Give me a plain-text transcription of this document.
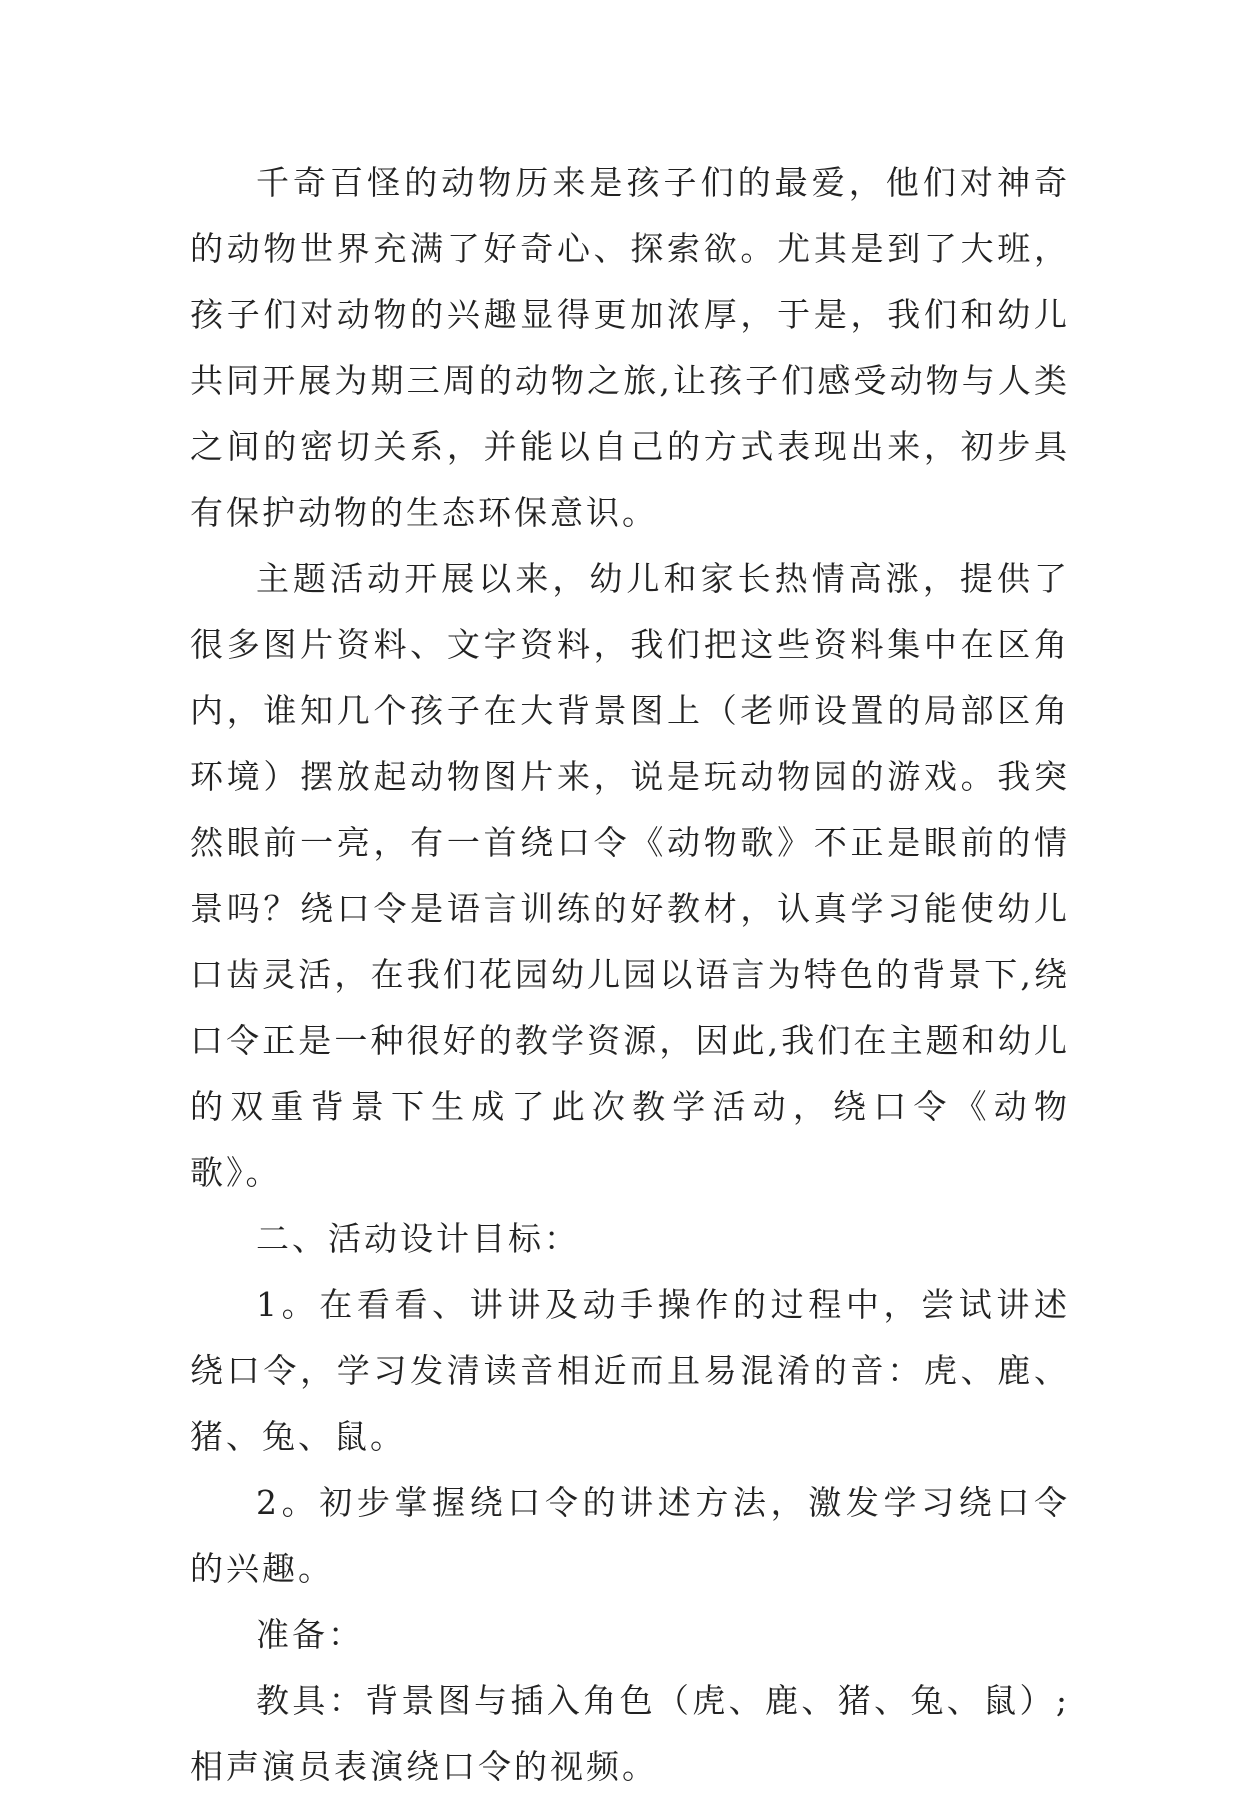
千奇百怪的动物历来是孩子们的最爱，他们对神奇的动物世界充满了好奇心、探索欲。尤其是到了大班，孩子们对动物的兴趣显得更加浓厚，于是，我们和幼儿共同开展为期三周的动物之旅,让孩子们感受动物与人类之间的密切关系，并能以自己的方式表现出来，初步具有保护动物的生态环保意识。

主题活动开展以来，幼儿和家长热情高涨，提供了很多图片资料、文字资料，我们把这些资料集中在区角内，谁知几个孩子在大背景图上（老师设置的局部区角环境）摆放起动物图片来，说是玩动物园的游戏。我突然眼前一亮，有一首绕口令《动物歌》不正是眼前的情景吗？绕口令是语言训练的好教材，认真学习能使幼儿口齿灵活，在我们花园幼儿园以语言为特色的背景下,绕口令正是一种很好的教学资源，因此,我们在主题和幼儿的双重背景下生成了此次教学活动，绕口令《动物歌》。

二、活动设计目标：

1。在看看、讲讲及动手操作的过程中，尝试讲述绕口令，学习发清读音相近而且易混淆的音：虎、鹿、猪、兔、鼠。

2。初步掌握绕口令的讲述方法，激发学习绕口令的兴趣。

准备：

教具：背景图与插入角色（虎、鹿、猪、兔、鼠）;相声演员表演绕口令的视频。
